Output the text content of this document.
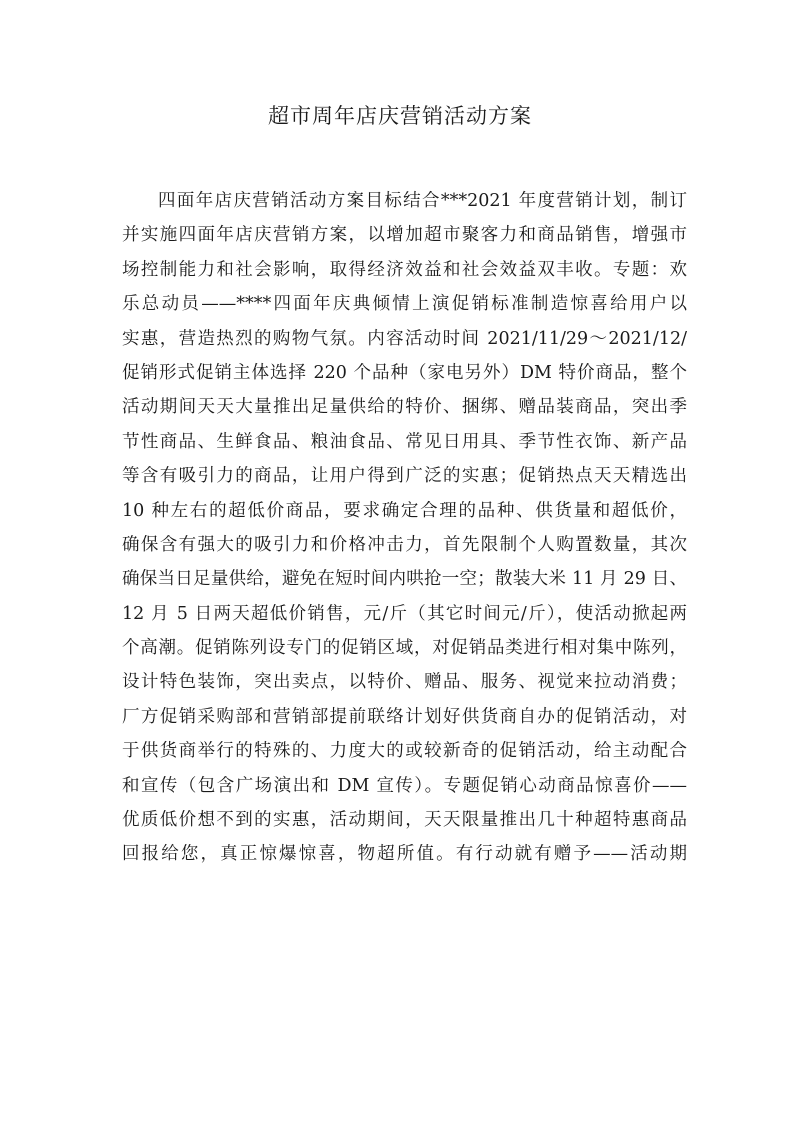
超市周年店庆营销活动方案
四面年店庆营销活动方案目标结合***2021 年度营销计划，制订
并实施四面年店庆营销方案，以增加超市聚客力和商品销售，增强市
场控制能力和社会影响，取得经济效益和社会效益双丰收。专题：欢
乐总动员——****四面年庆典倾情上演促销标准制造惊喜给用户以
实惠，营造热烈的购物气氛。内容活动时间 2021/11/29～2021/12/
促销形式促销主体选择 220 个品种（家电另外）DM 特价商品，整个
活动期间天天大量推出足量供给的特价、捆绑、赠品装商品，突出季
节性商品、生鲜食品、粮油食品、常见日用具、季节性衣饰、新产品
等含有吸引力的商品，让用户得到广泛的实惠；促销热点天天精选出
10 种左右的超低价商品，要求确定合理的品种、供货量和超低价，
确保含有强大的吸引力和价格冲击力，首先限制个人购置数量，其次
确保当日足量供给，避免在短时间内哄抢一空；散装大米 11 月 29 日、
12 月 5 日两天超低价销售，元/斤（其它时间元/斤），使活动掀起两
个高潮。促销陈列设专门的促销区域，对促销品类进行相对集中陈列，
设计特色装饰，突出卖点，以特价、赠品、服务、视觉来拉动消费；
厂方促销采购部和营销部提前联络计划好供货商自办的促销活动，对
于供货商举行的特殊的、力度大的或较新奇的促销活动，给主动配合
和宣传（包含广场演出和 DM 宣传）。专题促销心动商品惊喜价——
优质低价想不到的实惠，活动期间，天天限量推出几十种超特惠商品
回报给您，真正惊爆惊喜，物超所值。有行动就有赠予——活动期
